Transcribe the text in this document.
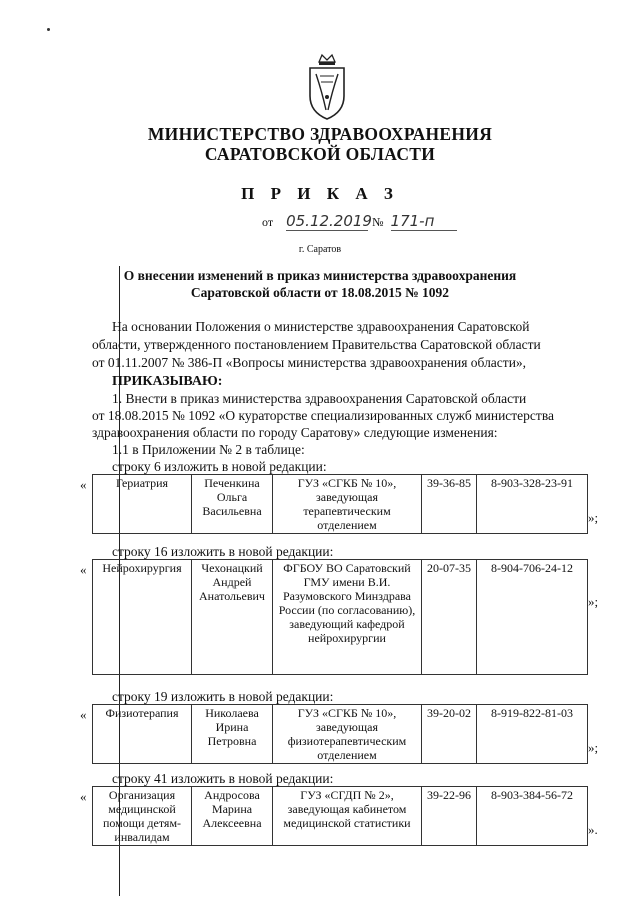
МИНИСТЕРСТВО ЗДРАВООХРАНЕНИЯ
САРАТОВСКОЙ ОБЛАСТИ
П Р И К А З
от 05.12.2019№ 171-п
г. Саратов
О внесении изменений в приказ министерства здравоохранения
Саратовской области от 18.08.2015 № 1092
На основании Положения о министерстве здравоохранения Саратовской
области, утвержденного постановлением Правительства Саратовской области
от 01.11.2007 № 386-П «Вопросы министерства здравоохранения области»,
ПРИКАЗЫВАЮ:
1. Внести в приказ министерства здравоохранения Саратовской области
от 18.08.2015 № 1092 «О кураторстве специализированных служб министерства
здравоохранения области по городу Саратову» следующие изменения:
1.1 в Приложении № 2 в таблице:
строку 6 изложить в новой редакции:
« Гериатрия	Печенкина Ольга Васильевна	ГУЗ «СГКБ № 10», заведующая терапевтическим отделением	39-36-85	8-903-328-23-91
»;
строку 16 изложить в новой редакции:
« Нейрохирургия	Чехонацкий Андрей Анатольевич	ФГБОУ ВО Саратовский ГМУ имени В.И. Разумовского Минздрава России (по согласованию), заведующий кафедрой нейрохирургии	20-07-35	8-904-706-24-12
»;
строку 19 изложить в новой редакции:
« Физиотерапия	Николаева Ирина Петровна	ГУЗ «СГКБ № 10», заведующая физиотерапевтическим отделением	39-20-02	8-919-822-81-03
»;
строку 41 изложить в новой редакции:
« Организация медицинской помощи детям-инвалидам	Андросова Марина Алексеевна	ГУЗ «СГДП № 2», заведующая кабинетом медицинской статистики	39-22-96	8-903-384-56-72
».
